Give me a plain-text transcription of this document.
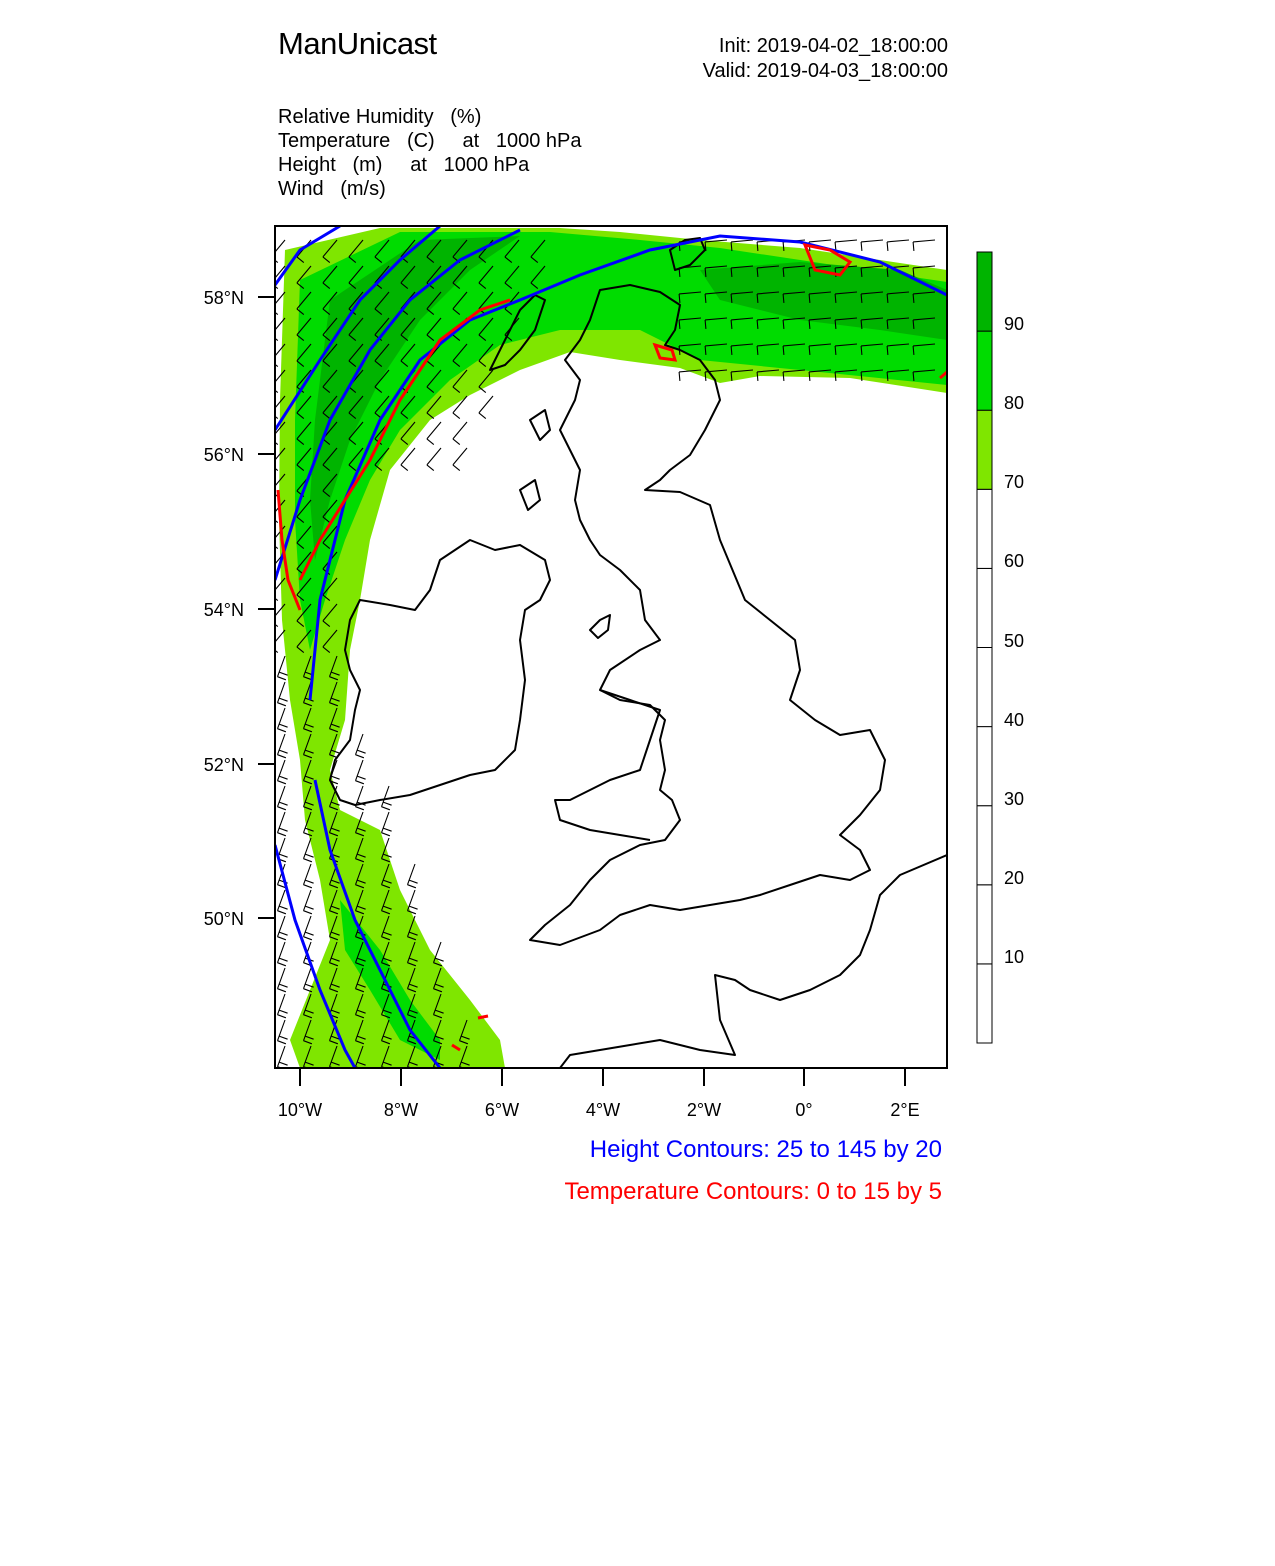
ManUnicast	Init: 2019-04-02_18:00:00
Valid: 2019-04-03_18:00:00
Relative Humidity   (%)
Temperature   (C)     at   1000 hPa
Height   (m)     at   1000 hPa
Wind   (m/s)
58°N
56°N
54°N
52°N
50°N
10°W	8°W	6°W	4°W	2°W	0°	2°E
90
80
70
60
50
40
30
20
10
Height Contours: 25 to 145 by 20
Temperature Contours: 0 to 15 by 5
